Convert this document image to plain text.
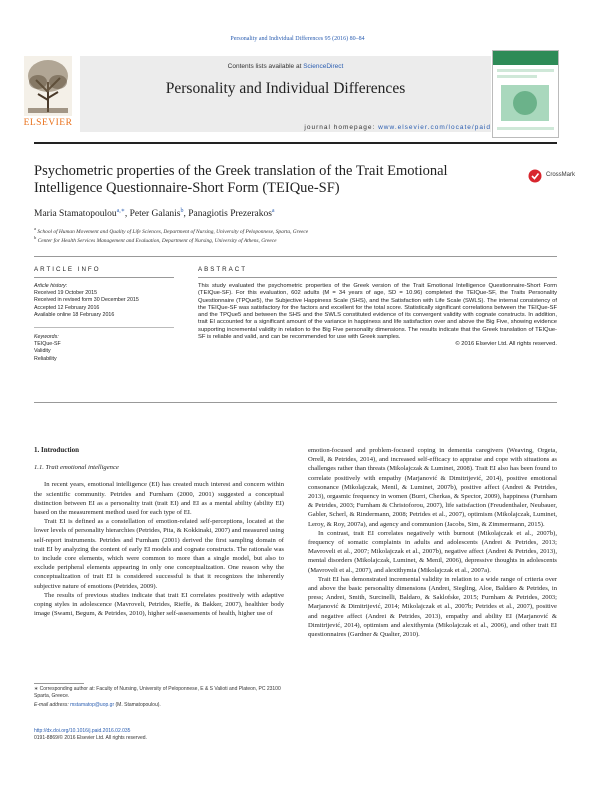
Personality and Individual Differences 95 (2016) 80–84
ELSEVIER
Contents lists available at ScienceDirect
Personality and Individual Differences
journal homepage: www.elsevier.com/locate/paid
Psychometric properties of the Greek translation of the Trait Emotional Intelligence Questionnaire-Short Form (TEIQue-SF)
CrossMark
Maria Stamatopoulou$^{a,∗}$, Peter Galanis$^b$, Panagiotis Prezerakos$^a$
$^a$ School of Human Movement and Quality of Life Sciences, Department of Nursing, University of Peloponnese, Sparta, Greece
$^b$ Center for Health Services Management and Evaluation, Department of Nursing, University of Athens, Greece
ARTICLE INFO	ABSTRACT
Article history:
Received 19 October 2015
Received in revised form 30 December 2015
Accepted 12 February 2016
Available online 18 February 2016
Keywords:
TEIQue-SF
Validity
Reliability
This study evaluated the psychometric properties of the Greek version of the Trait Emotional Intelligence Questionnaire-Short Form (TEIQue-SF). For this evaluation, 602 adults (M = 34 years of age, SD = 10.96) completed the TEIQue-SF, the Traits Personality Questionnaire (TPQue5), the Subjective Happiness Scale (SHS), and the Satisfaction with Life Scale (SWLS). The internal consistency of the TEIQue-SF was satisfactory for the factors and excellent for the total score. Statistically significant correlations between the TEIQue-SF and the TPQue5 and between the SHS and the SWLS constituted evidence of its convergent validity with cognate constructs. In addition, trait EI accounted for a significant amount of the variance in happiness and life satisfaction over and above the Big Five, showing evidence supporting incremental validity in relation to the Big Five personality dimensions. The results indicate that the Greek translation of TEIQue-SF is reliable and valid, and can be recommended for use with Greek samples.
© 2016 Elsevier Ltd. All rights reserved.

1. Introduction

1.1. Trait emotional intelligence

In recent years, emotional intelligence (EI) has created much interest and concern within the scientific community. Petrides and Furnham (2000, 2001) suggested a conceptual distinction between EI as a personality trait (trait EI) and EI as a mental ability (ability EI) based on the measurement method used for each type of EI.

Trait EI is defined as a constellation of emotion-related self-perceptions, located at the lower levels of personality hierarchies (Petrides, Pita, & Kokkinaki, 2007) and measured using self-report instruments. Petrides and Furnham (2001) derived the first sampling domain of trait EI by analyzing the content of early EI models and cognate constructs. The rationale was to include core elements, which were common to more than a single model, but also to exclude peripheral elements appearing in only one conceptualization. One reason why the conceptualization of trait EI is considered successful is that it recognizes the inherently subjective nature of emotions (Petrides, 2009).

The results of previous studies indicate that trait EI correlates positively with adaptive coping styles in adolescence (Mavroveli, Petrides, Rieffe, & Bakker, 2007), healthier body image (Swami, Begum, & Petrides, 2010), higher self-assessments of health, higher use of

emotion-focused and problem-focused coping in dementia caregivers (Weaving, Orgeta, Orrell, & Petrides, 2014), and increased self-efficacy to appraise and cope with situations as challenges rather than threats (Mikolajczak & Luminet, 2008). Trait EI also has been found to correlate positively with empathy (Marjanović & Dimitrijević, 2014), positive emotional consonance (Mikolajczak, Menil, & Luminet, 2007b), positive affect (Andrei & Petrides, 2013), orgasmic frequency in women (Burri, Cherkas, & Spector, 2009), happiness (Furnham & Petrides, 2003; Furnham & Christoforou, 2007), life satisfaction (Freudenthaler, Neubauer, Gabler, Scherl, & Rindermann, 2008; Petrides et al., 2007), optimism (Mikolajczak, Luminet, Leroy, & Roy, 2007a), and agency and communion (Jacobs, Sim, & Zimmermann, 2015).

In contrast, trait EI correlates negatively with burnout (Mikolajczak et al., 2007b), frequency of somatic complaints in adults and adolescents (Andrei & Petrides, 2013; Mavroveli et al., 2007; Mikolajczak et al., 2007b), negative affect (Andrei & Petrides, 2013), mental disorders (Mikolajczak, Luminet, & Menil, 2006), depressive thoughts in adolescents (Mavroveli et al., 2007), and alexithymia (Mikolajczak et al., 2007a).

Trait EI has demonstrated incremental validity in relation to a wide range of criteria over and above the basic personality dimensions (Andrei, Siegling, Aloe, Baldaro & Petrides, in press; Andrei, Smith, Surcinelli, Baldaro, & Saklofske, 2015; Furnham & Petrides, 2003; Marjanović & Dimitrijević, 2014; Mikolajczak et al., 2007b; Petrides et al., 2007), positive and negative affect (Andrei & Petrides, 2013), empathy and ability EI (Marjanović & Dimitrijević, 2014), optimism and alexithymia (Mikolajczak et al., 2006), and other trait EI questionnaires (Gardner & Qualter, 2010).

∗ Corresponding author at: Faculty of Nursing, University of Peloponnese, E & S Valioti and Plateon, PC 23100 Sparta, Greece.
E-mail address: mstamatop@uop.gr (M. Stamatopoulou).
http://dx.doi.org/10.1016/j.paid.2016.02.035
0191-8869/© 2016 Elsevier Ltd. All rights reserved.
